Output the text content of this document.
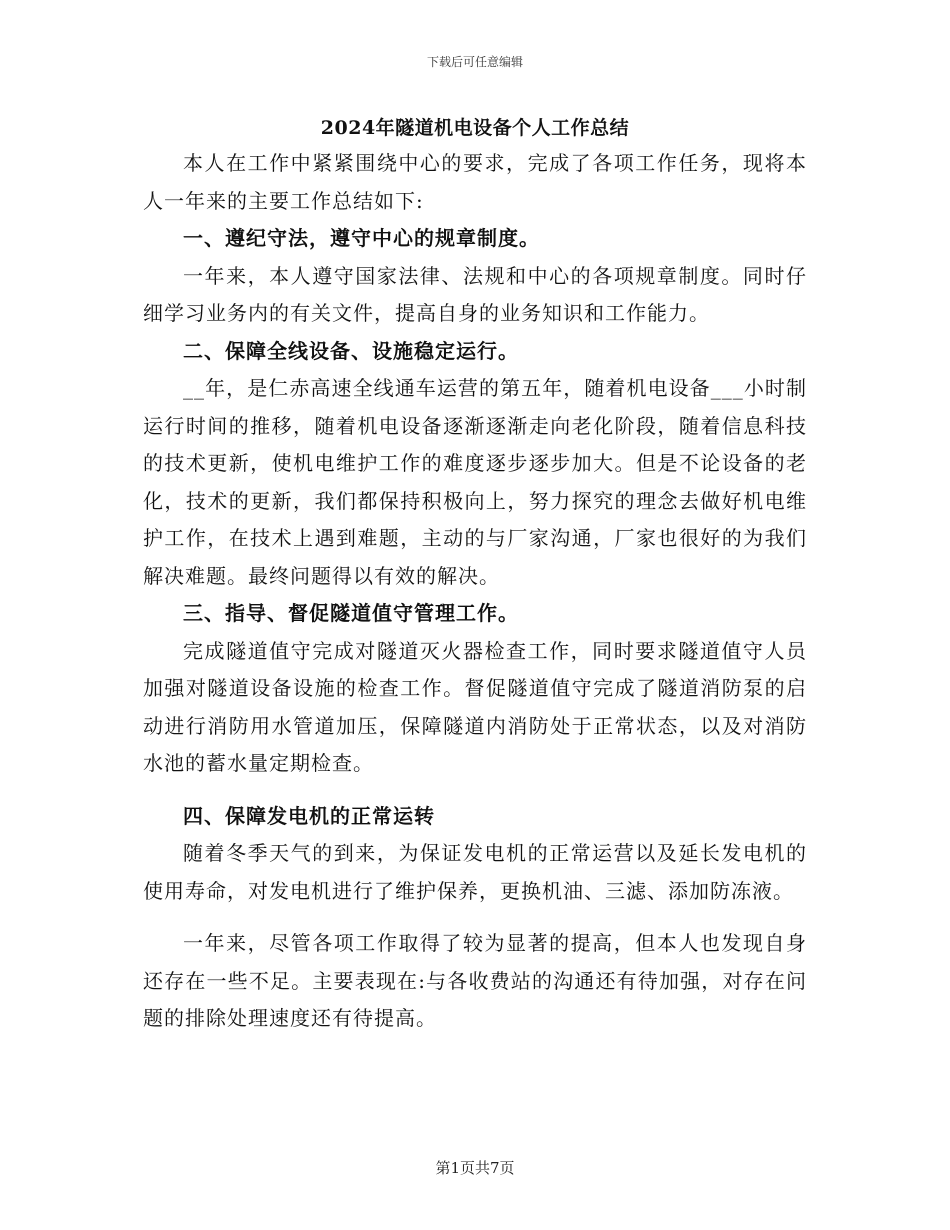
下载后可任意编辑
2024年隧道机电设备个人工作总结

本人在工作中紧紧围绕中心的要求，完成了各项工作任务，现将本人一年来的主要工作总结如下:

一、遵纪守法，遵守中心的规章制度。

一年来，本人遵守国家法律、法规和中心的各项规章制度。同时仔细学习业务内的有关文件，提高自身的业务知识和工作能力。

二、保障全线设备、设施稳定运行。

__年，是仁赤高速全线通车运营的第五年，随着机电设备___小时制运行时间的推移，随着机电设备逐渐逐渐走向老化阶段，随着信息科技的技术更新，使机电维护工作的难度逐步逐步加大。但是不论设备的老化，技术的更新，我们都保持积极向上，努力探究的理念去做好机电维护工作，在技术上遇到难题，主动的与厂家沟通，厂家也很好的为我们解决难题。最终问题得以有效的解决。

三、指导、督促隧道值守管理工作。

完成隧道值守完成对隧道灭火器检查工作，同时要求隧道值守人员加强对隧道设备设施的检查工作。督促隧道值守完成了隧道消防泵的启动进行消防用水管道加压，保障隧道内消防处于正常状态，以及对消防水池的蓄水量定期检查。

四、保障发电机的正常运转

随着冬季天气的到来，为保证发电机的正常运营以及延长发电机的使用寿命，对发电机进行了维护保养，更换机油、三滤、添加防冻液。

一年来，尽管各项工作取得了较为显著的提高，但本人也发现自身还存在一些不足。主要表现在:与各收费站的沟通还有待加强，对存在问题的排除处理速度还有待提高。

第1页共7页
